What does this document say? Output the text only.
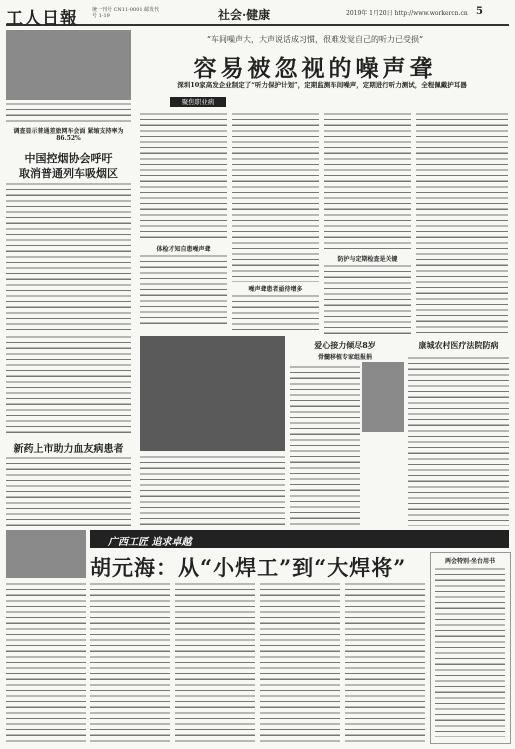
工人日報	统一刊号 CN11-0001 邮发代号 1-19	社会·健康	2019年 1月20日 http://www.workercn.cn 5
调查显示普通差旅网车会面 紧缩支持率为86.52%
中国控烟协会呼吁
取消普通列车吸烟区
新药上市助力血友病患者
“车间噪声大，大声说话成习惯，很难发觉自己的听力已受损”
容易被忽视的噪声聋
深圳10家高发企业制定了“听力保护计划”，定期监测车间噪声，定期进行听力测试，全程佩戴护耳器
聚焦职业病
体检才知自患噪声聋
噪声聋患者亟待增多
防护与定期检查是关键
爱心接力倾尽8岁
骨髓移植专家组报捐
康城农村医疗法院防病
广西工匠 追求卓越
胡元海：从“小焊工”到“大焊将”	两会特别·坐台用书
